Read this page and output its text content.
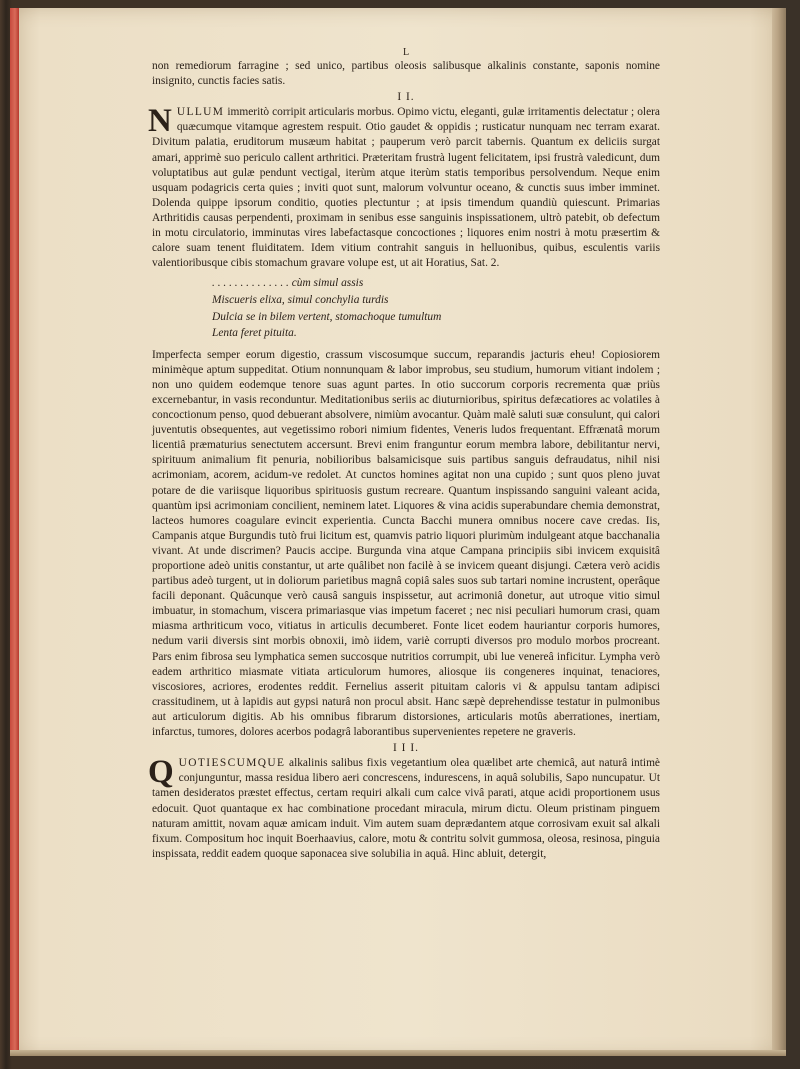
L

non remediorum farragine ; sed unico, partibus oleosis salibusque alkalinis constante, saponis nomine insignito, cunctis facies satis.

I I.

NULLUM immeritò corripit articularis morbus. Opimo victu, eleganti, gulæ irritamentis delectatur ; olera quæcumque vitamque agrestem respuit. Otio gaudet & oppidis ; rusticatur nunquam nec terram exarat. Divitum palatia, eruditorum musæum habitat ; pauperum verò parcit tabernis. Quantum ex deliciis surgat amari, apprimè suo periculo callent arthritici. Præteritam frustrà lugent felicitatem, ipsi frustrà valedicunt, dum voluptatibus aut gulæ pendunt vectigal, iterùm atque iterùm statis temporibus persolvendum. Neque enim usquam podagricis certa quies ; inviti quot sunt, malorum volvuntur oceano, & cunctis suus imber imminet. Dolenda quippe ipsorum conditio, quoties plectuntur ; at ipsis timendum quandiù quiescunt. Primarias Arthritidis causas perpendenti, proximam in senibus esse sanguinis inspissationem, ultrò patebit, ob defectum in motu circulatorio, imminutas vires labefactasque concoctiones ; liquores enim nostri à motu præsertim & calore suam tenent fluiditatem. Idem vitium contrahit sanguis in helluonibus, quibus, esculentis variis valentioribusque cibis stomachum gravare volupe est, ut ait Horatius, Sat. 2.

. . . . . . . . . . . . . . cùm simul assis
Miscueris elixa, simul conchylia turdis
Dulcia se in bilem vertent, stomachoque tumultum
Lenta feret pituita.

Imperfecta semper eorum digestio, crassum viscosumque succum, reparandis jacturis eheu! Copiosiorem minimèque aptum suppeditat. Otium nonnunquam & labor improbus, seu studium, humorum vitiant indolem ; non uno quidem eodemque tenore suas agunt partes. In otio succorum corporis recrementa quæ priùs excernebantur, in vasis reconduntur. Meditationibus seriis ac diuturnioribus, spiritus defæcatiores ac volatiles à concoctionum penso, quod debuerant absolvere, nimiùm avocantur. Quàm malè saluti suæ consulunt, qui calori juventutis obsequentes, aut vegetissimo robori nimium fidentes, Veneris ludos frequentant. Effrænatâ morum licentiâ præmaturius senectutem accersunt. Brevi enim franguntur eorum membra labore, debilitantur nervi, spirituum animalium fit penuria, nobilioribus balsamicisque suis partibus sanguis defraudatus, nihil nisi acrimoniam, acorem, acidum-ve redolet. At cunctos homines agitat non una cupido ; sunt quos pleno juvat potare de die variisque liquoribus spirituosis gustum recreare. Quantum inspissando sanguini valeant acida, quantùm ipsi acrimoniam concilient, neminem latet. Liquores & vina acidis superabundare chemia demonstrat, lacteos humores coagulare evincit experientia. Cuncta Bacchi munera omnibus nocere cave credas. Iis, Campanis atque Burgundis tutò frui licitum est, quamvis patrio liquori plurimùm indulgeant atque bacchanalia vivant. At unde discrimen? Paucis accipe. Burgunda vina atque Campana principiis sibi invicem exquisitâ proportione adeò unitis constantur, ut arte quâlibet non facilè à se invicem queant disjungi. Cætera verò acidis partibus adeò turgent, ut in doliorum parietibus magnâ copiâ sales suos sub tartari nomine incrustent, operâque facili deponant. Quâcunque verò causâ sanguis inspissetur, aut acrimoniâ donetur, aut utroque vitio simul imbuatur, in stomachum, viscera primariasque vias impetum faceret ; nec nisi peculiari humorum crasi, quam miasma arthriticum voco, vitiatus in articulis decumberet. Fonte licet eodem hauriantur corporis humores, nedum varii diversis sint morbis obnoxii, imò iidem, variè corrupti diversos pro modulo morbos procreant. Pars enim fibrosa seu lymphatica semen succosque nutritios corrumpit, ubi lue venereâ inficitur. Lympha verò eadem arthritico miasmate vitiata articulorum humores, aliosque iis congeneres inquinat, tenaciores, viscosiores, acriores, erodentes reddit. Fernelius asserit pituitam caloris vi & appulsu tantam adipisci crassitudinem, ut à lapidis aut gypsi naturâ non procul absit. Hanc sæpè deprehendisse testatur in pulmonibus aut articulorum digitis. Ab his omnibus fibrarum distorsiones, articularis motûs aberrationes, inertiam, infarctus, tumores, dolores acerbos podagrâ laborantibus supervenientes repetere ne graveris.

I I I.

QUOTIESCUMQUE alkalinis salibus fixis vegetantium olea quælibet arte chemicâ, aut naturâ intimè conjunguntur, massa residua libero aeri concrescens, indurescens, in aquâ solubilis, Sapo nuncupatur. Ut tamen desideratos præstet effectus, certam requiri alkali cum calce vivâ parati, atque acidi proportionem usus edocuit. Quot quantaque ex hac combinatione procedant miracula, mirum dictu. Oleum pristinam pinguem naturam amittit, novam aquæ amicam induit. Vim autem suam deprædantem atque corrosivam exuit sal alkali fixum. Compositum hoc inquit Boerhaavius, calore, motu & contritu solvit gummosa, oleosa, resinosa, pinguia inspissata, reddit eadem quoque saponacea sive solubilia in aquâ. Hinc abluit, detergit,
